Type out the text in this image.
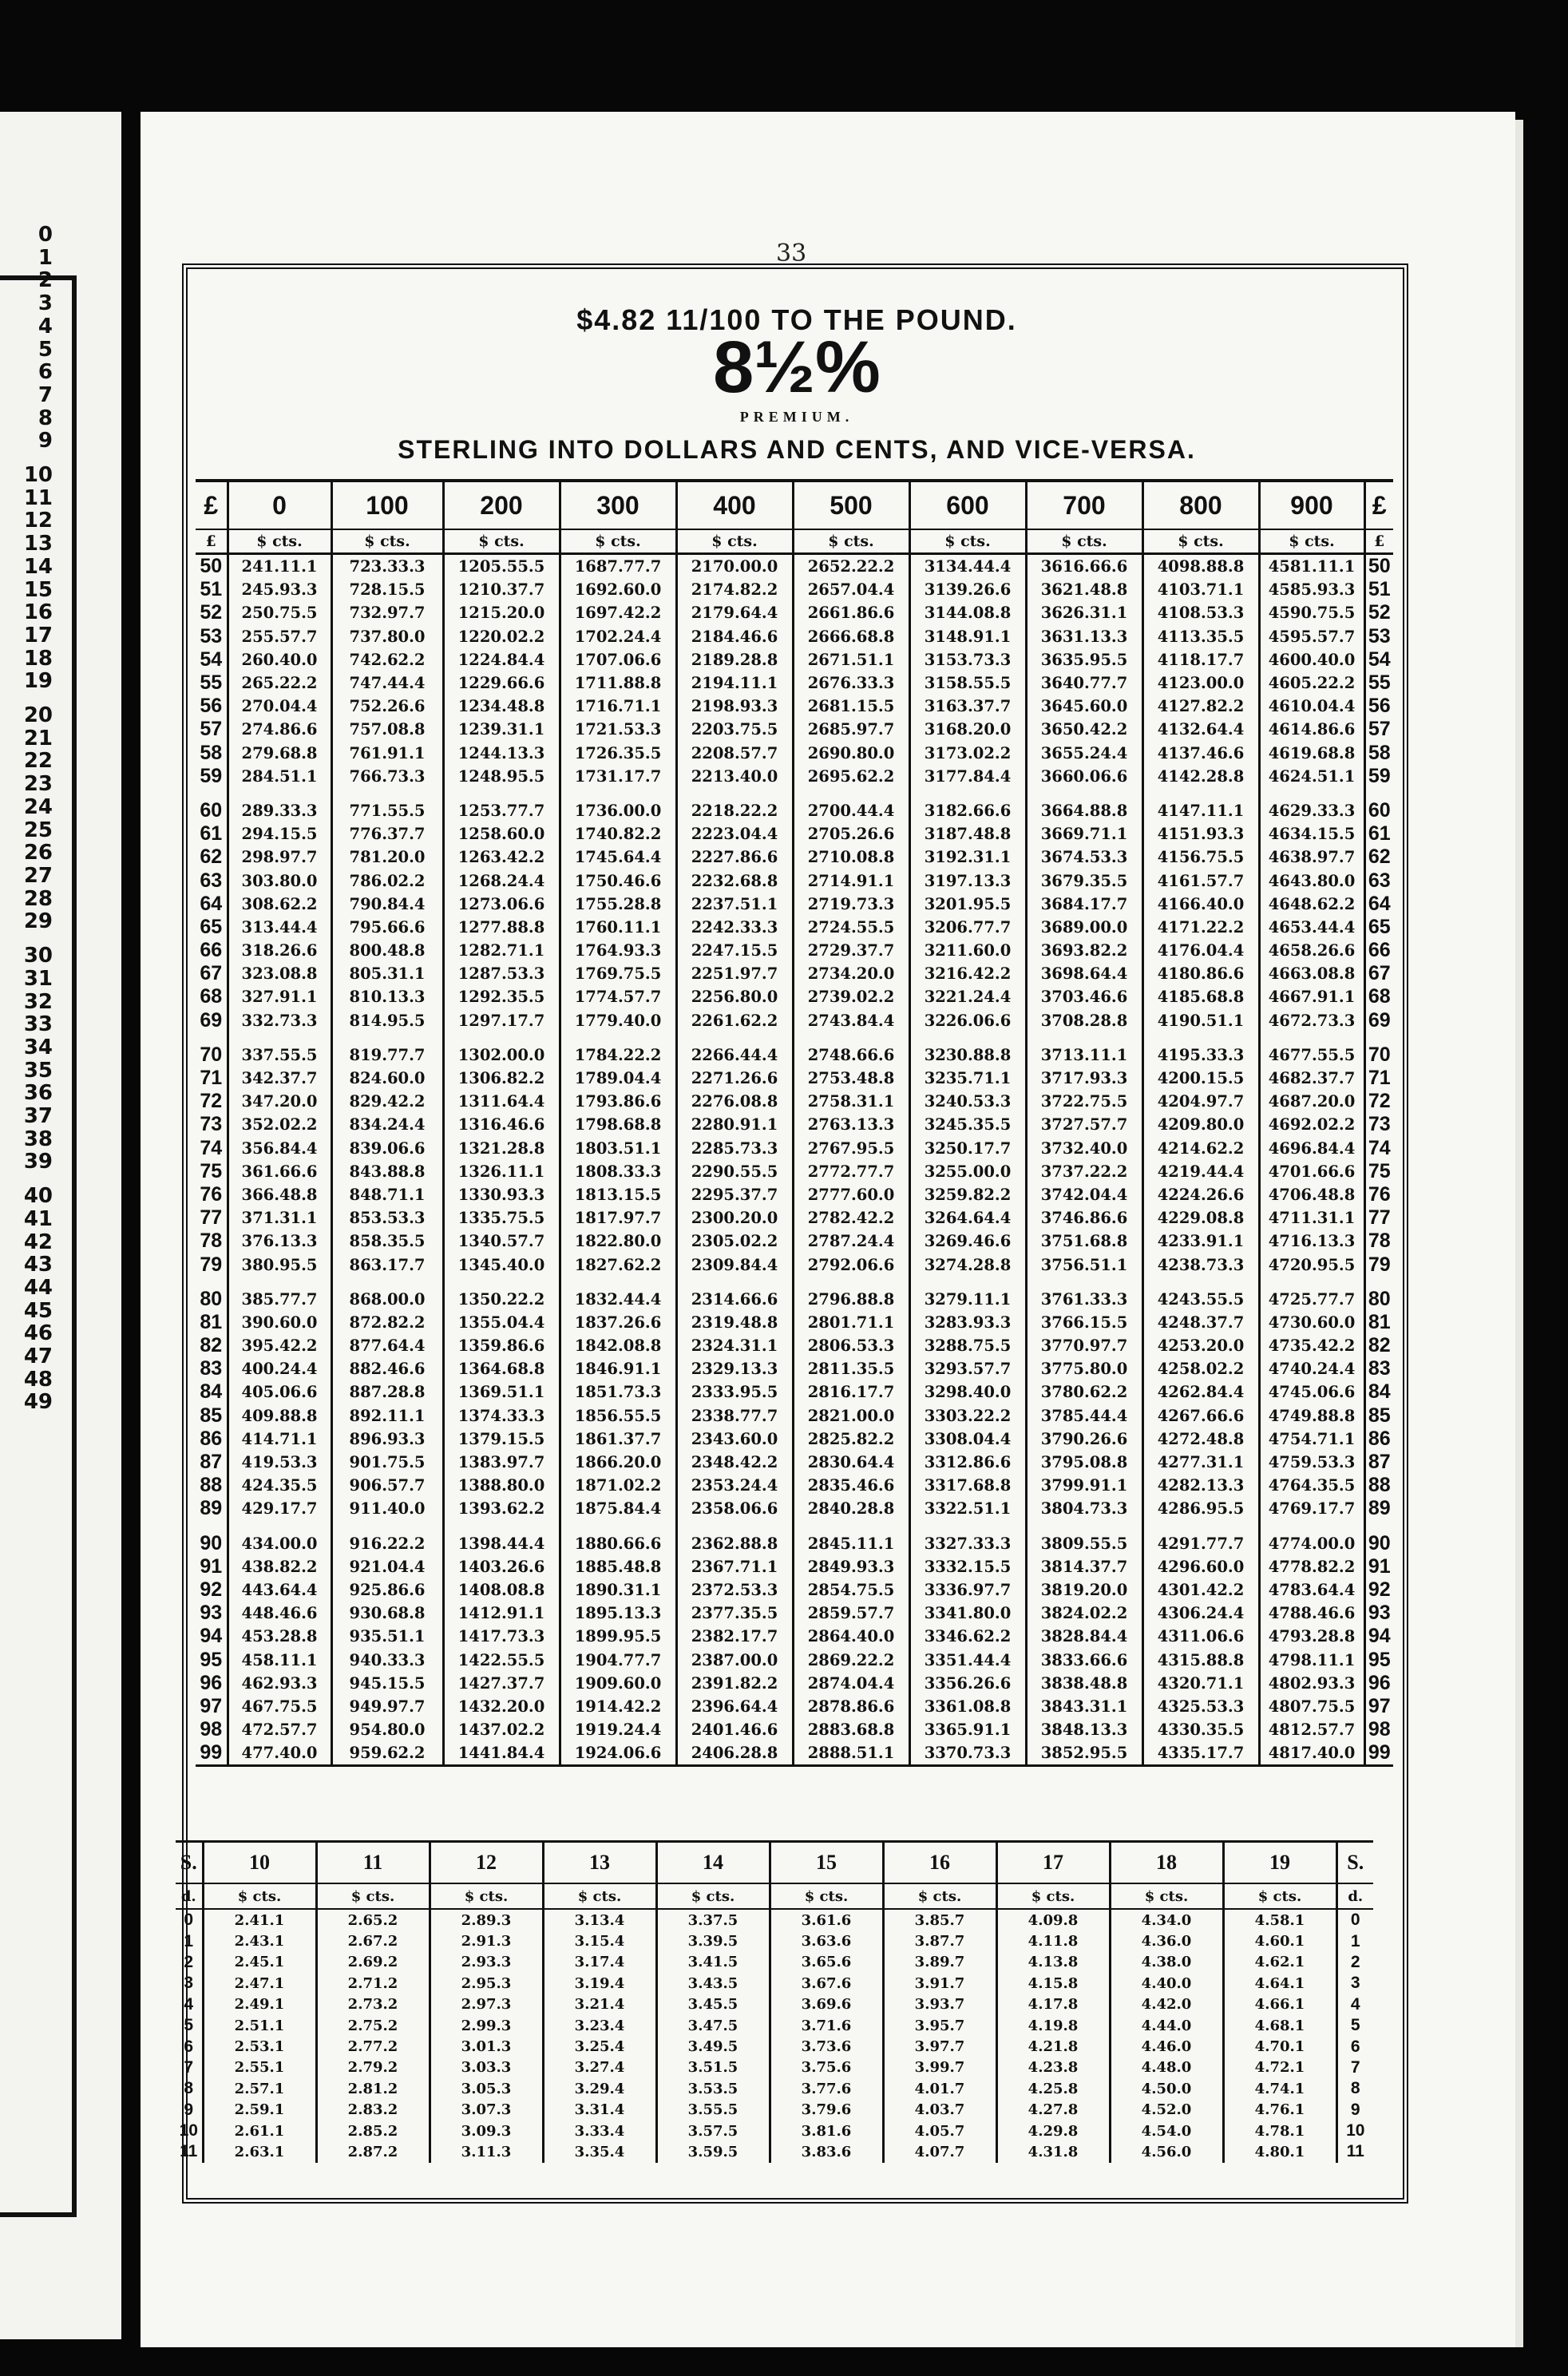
0
1
2
3
4
5
6
7
8
9
10
11
12
13
14
15
16
17
18
19
20
21
22
23
24
25
26
27
28
29
30
31
32
33
34
35
36
37
38
39
40
41
42
43
44
45
46
47
48
49
33
$4.82 11/100 TO THE POUND.
8½%
PREMIUM.
STERLING INTO DOLLARS AND CENTS, AND VICE-VERSA.
£	0	100	200	300	400	500	600	700	800	900	£
£	$ cts.	$ cts.	$ cts.	$ cts.	$ cts.	$ cts.	$ cts.	$ cts.	$ cts.	$ cts.	£
50	241.11.1	723.33.3	1205.55.5	1687.77.7	2170.00.0	2652.22.2	3134.44.4	3616.66.6	4098.88.8	4581.11.1	50
51	245.93.3	728.15.5	1210.37.7	1692.60.0	2174.82.2	2657.04.4	3139.26.6	3621.48.8	4103.71.1	4585.93.3	51
52	250.75.5	732.97.7	1215.20.0	1697.42.2	2179.64.4	2661.86.6	3144.08.8	3626.31.1	4108.53.3	4590.75.5	52
53	255.57.7	737.80.0	1220.02.2	1702.24.4	2184.46.6	2666.68.8	3148.91.1	3631.13.3	4113.35.5	4595.57.7	53
54	260.40.0	742.62.2	1224.84.4	1707.06.6	2189.28.8	2671.51.1	3153.73.3	3635.95.5	4118.17.7	4600.40.0	54
55	265.22.2	747.44.4	1229.66.6	1711.88.8	2194.11.1	2676.33.3	3158.55.5	3640.77.7	4123.00.0	4605.22.2	55
56	270.04.4	752.26.6	1234.48.8	1716.71.1	2198.93.3	2681.15.5	3163.37.7	3645.60.0	4127.82.2	4610.04.4	56
57	274.86.6	757.08.8	1239.31.1	1721.53.3	2203.75.5	2685.97.7	3168.20.0	3650.42.2	4132.64.4	4614.86.6	57
58	279.68.8	761.91.1	1244.13.3	1726.35.5	2208.57.7	2690.80.0	3173.02.2	3655.24.4	4137.46.6	4619.68.8	58
59	284.51.1	766.73.3	1248.95.5	1731.17.7	2213.40.0	2695.62.2	3177.84.4	3660.06.6	4142.28.8	4624.51.1	59

60	289.33.3	771.55.5	1253.77.7	1736.00.0	2218.22.2	2700.44.4	3182.66.6	3664.88.8	4147.11.1	4629.33.3	60
61	294.15.5	776.37.7	1258.60.0	1740.82.2	2223.04.4	2705.26.6	3187.48.8	3669.71.1	4151.93.3	4634.15.5	61
62	298.97.7	781.20.0	1263.42.2	1745.64.4	2227.86.6	2710.08.8	3192.31.1	3674.53.3	4156.75.5	4638.97.7	62
63	303.80.0	786.02.2	1268.24.4	1750.46.6	2232.68.8	2714.91.1	3197.13.3	3679.35.5	4161.57.7	4643.80.0	63
64	308.62.2	790.84.4	1273.06.6	1755.28.8	2237.51.1	2719.73.3	3201.95.5	3684.17.7	4166.40.0	4648.62.2	64
65	313.44.4	795.66.6	1277.88.8	1760.11.1	2242.33.3	2724.55.5	3206.77.7	3689.00.0	4171.22.2	4653.44.4	65
66	318.26.6	800.48.8	1282.71.1	1764.93.3	2247.15.5	2729.37.7	3211.60.0	3693.82.2	4176.04.4	4658.26.6	66
67	323.08.8	805.31.1	1287.53.3	1769.75.5	2251.97.7	2734.20.0	3216.42.2	3698.64.4	4180.86.6	4663.08.8	67
68	327.91.1	810.13.3	1292.35.5	1774.57.7	2256.80.0	2739.02.2	3221.24.4	3703.46.6	4185.68.8	4667.91.1	68
69	332.73.3	814.95.5	1297.17.7	1779.40.0	2261.62.2	2743.84.4	3226.06.6	3708.28.8	4190.51.1	4672.73.3	69

70	337.55.5	819.77.7	1302.00.0	1784.22.2	2266.44.4	2748.66.6	3230.88.8	3713.11.1	4195.33.3	4677.55.5	70
71	342.37.7	824.60.0	1306.82.2	1789.04.4	2271.26.6	2753.48.8	3235.71.1	3717.93.3	4200.15.5	4682.37.7	71
72	347.20.0	829.42.2	1311.64.4	1793.86.6	2276.08.8	2758.31.1	3240.53.3	3722.75.5	4204.97.7	4687.20.0	72
73	352.02.2	834.24.4	1316.46.6	1798.68.8	2280.91.1	2763.13.3	3245.35.5	3727.57.7	4209.80.0	4692.02.2	73
74	356.84.4	839.06.6	1321.28.8	1803.51.1	2285.73.3	2767.95.5	3250.17.7	3732.40.0	4214.62.2	4696.84.4	74
75	361.66.6	843.88.8	1326.11.1	1808.33.3	2290.55.5	2772.77.7	3255.00.0	3737.22.2	4219.44.4	4701.66.6	75
76	366.48.8	848.71.1	1330.93.3	1813.15.5	2295.37.7	2777.60.0	3259.82.2	3742.04.4	4224.26.6	4706.48.8	76
77	371.31.1	853.53.3	1335.75.5	1817.97.7	2300.20.0	2782.42.2	3264.64.4	3746.86.6	4229.08.8	4711.31.1	77
78	376.13.3	858.35.5	1340.57.7	1822.80.0	2305.02.2	2787.24.4	3269.46.6	3751.68.8	4233.91.1	4716.13.3	78
79	380.95.5	863.17.7	1345.40.0	1827.62.2	2309.84.4	2792.06.6	3274.28.8	3756.51.1	4238.73.3	4720.95.5	79

80	385.77.7	868.00.0	1350.22.2	1832.44.4	2314.66.6	2796.88.8	3279.11.1	3761.33.3	4243.55.5	4725.77.7	80
81	390.60.0	872.82.2	1355.04.4	1837.26.6	2319.48.8	2801.71.1	3283.93.3	3766.15.5	4248.37.7	4730.60.0	81
82	395.42.2	877.64.4	1359.86.6	1842.08.8	2324.31.1	2806.53.3	3288.75.5	3770.97.7	4253.20.0	4735.42.2	82
83	400.24.4	882.46.6	1364.68.8	1846.91.1	2329.13.3	2811.35.5	3293.57.7	3775.80.0	4258.02.2	4740.24.4	83
84	405.06.6	887.28.8	1369.51.1	1851.73.3	2333.95.5	2816.17.7	3298.40.0	3780.62.2	4262.84.4	4745.06.6	84
85	409.88.8	892.11.1	1374.33.3	1856.55.5	2338.77.7	2821.00.0	3303.22.2	3785.44.4	4267.66.6	4749.88.8	85
86	414.71.1	896.93.3	1379.15.5	1861.37.7	2343.60.0	2825.82.2	3308.04.4	3790.26.6	4272.48.8	4754.71.1	86
87	419.53.3	901.75.5	1383.97.7	1866.20.0	2348.42.2	2830.64.4	3312.86.6	3795.08.8	4277.31.1	4759.53.3	87
88	424.35.5	906.57.7	1388.80.0	1871.02.2	2353.24.4	2835.46.6	3317.68.8	3799.91.1	4282.13.3	4764.35.5	88
89	429.17.7	911.40.0	1393.62.2	1875.84.4	2358.06.6	2840.28.8	3322.51.1	3804.73.3	4286.95.5	4769.17.7	89

90	434.00.0	916.22.2	1398.44.4	1880.66.6	2362.88.8	2845.11.1	3327.33.3	3809.55.5	4291.77.7	4774.00.0	90
91	438.82.2	921.04.4	1403.26.6	1885.48.8	2367.71.1	2849.93.3	3332.15.5	3814.37.7	4296.60.0	4778.82.2	91
92	443.64.4	925.86.6	1408.08.8	1890.31.1	2372.53.3	2854.75.5	3336.97.7	3819.20.0	4301.42.2	4783.64.4	92
93	448.46.6	930.68.8	1412.91.1	1895.13.3	2377.35.5	2859.57.7	3341.80.0	3824.02.2	4306.24.4	4788.46.6	93
94	453.28.8	935.51.1	1417.73.3	1899.95.5	2382.17.7	2864.40.0	3346.62.2	3828.84.4	4311.06.6	4793.28.8	94
95	458.11.1	940.33.3	1422.55.5	1904.77.7	2387.00.0	2869.22.2	3351.44.4	3833.66.6	4315.88.8	4798.11.1	95
96	462.93.3	945.15.5	1427.37.7	1909.60.0	2391.82.2	2874.04.4	3356.26.6	3838.48.8	4320.71.1	4802.93.3	96
97	467.75.5	949.97.7	1432.20.0	1914.42.2	2396.64.4	2878.86.6	3361.08.8	3843.31.1	4325.53.3	4807.75.5	97
98	472.57.7	954.80.0	1437.02.2	1919.24.4	2401.46.6	2883.68.8	3365.91.1	3848.13.3	4330.35.5	4812.57.7	98
99	477.40.0	959.62.2	1441.84.4	1924.06.6	2406.28.8	2888.51.1	3370.73.3	3852.95.5	4335.17.7	4817.40.0	99
S.	10	11	12	13	14	15	16	17	18	19	S.
d.	$ cts.	$ cts.	$ cts.	$ cts.	$ cts.	$ cts.	$ cts.	$ cts.	$ cts.	$ cts.	d.
0	2.41.1	2.65.2	2.89.3	3.13.4	3.37.5	3.61.6	3.85.7	4.09.8	4.34.0	4.58.1	0
1	2.43.1	2.67.2	2.91.3	3.15.4	3.39.5	3.63.6	3.87.7	4.11.8	4.36.0	4.60.1	1
2	2.45.1	2.69.2	2.93.3	3.17.4	3.41.5	3.65.6	3.89.7	4.13.8	4.38.0	4.62.1	2
3	2.47.1	2.71.2	2.95.3	3.19.4	3.43.5	3.67.6	3.91.7	4.15.8	4.40.0	4.64.1	3
4	2.49.1	2.73.2	2.97.3	3.21.4	3.45.5	3.69.6	3.93.7	4.17.8	4.42.0	4.66.1	4
5	2.51.1	2.75.2	2.99.3	3.23.4	3.47.5	3.71.6	3.95.7	4.19.8	4.44.0	4.68.1	5
6	2.53.1	2.77.2	3.01.3	3.25.4	3.49.5	3.73.6	3.97.7	4.21.8	4.46.0	4.70.1	6
7	2.55.1	2.79.2	3.03.3	3.27.4	3.51.5	3.75.6	3.99.7	4.23.8	4.48.0	4.72.1	7
8	2.57.1	2.81.2	3.05.3	3.29.4	3.53.5	3.77.6	4.01.7	4.25.8	4.50.0	4.74.1	8
9	2.59.1	2.83.2	3.07.3	3.31.4	3.55.5	3.79.6	4.03.7	4.27.8	4.52.0	4.76.1	9
10	2.61.1	2.85.2	3.09.3	3.33.4	3.57.5	3.81.6	4.05.7	4.29.8	4.54.0	4.78.1	10
11	2.63.1	2.87.2	3.11.3	3.35.4	3.59.5	3.83.6	4.07.7	4.31.8	4.56.0	4.80.1	11
